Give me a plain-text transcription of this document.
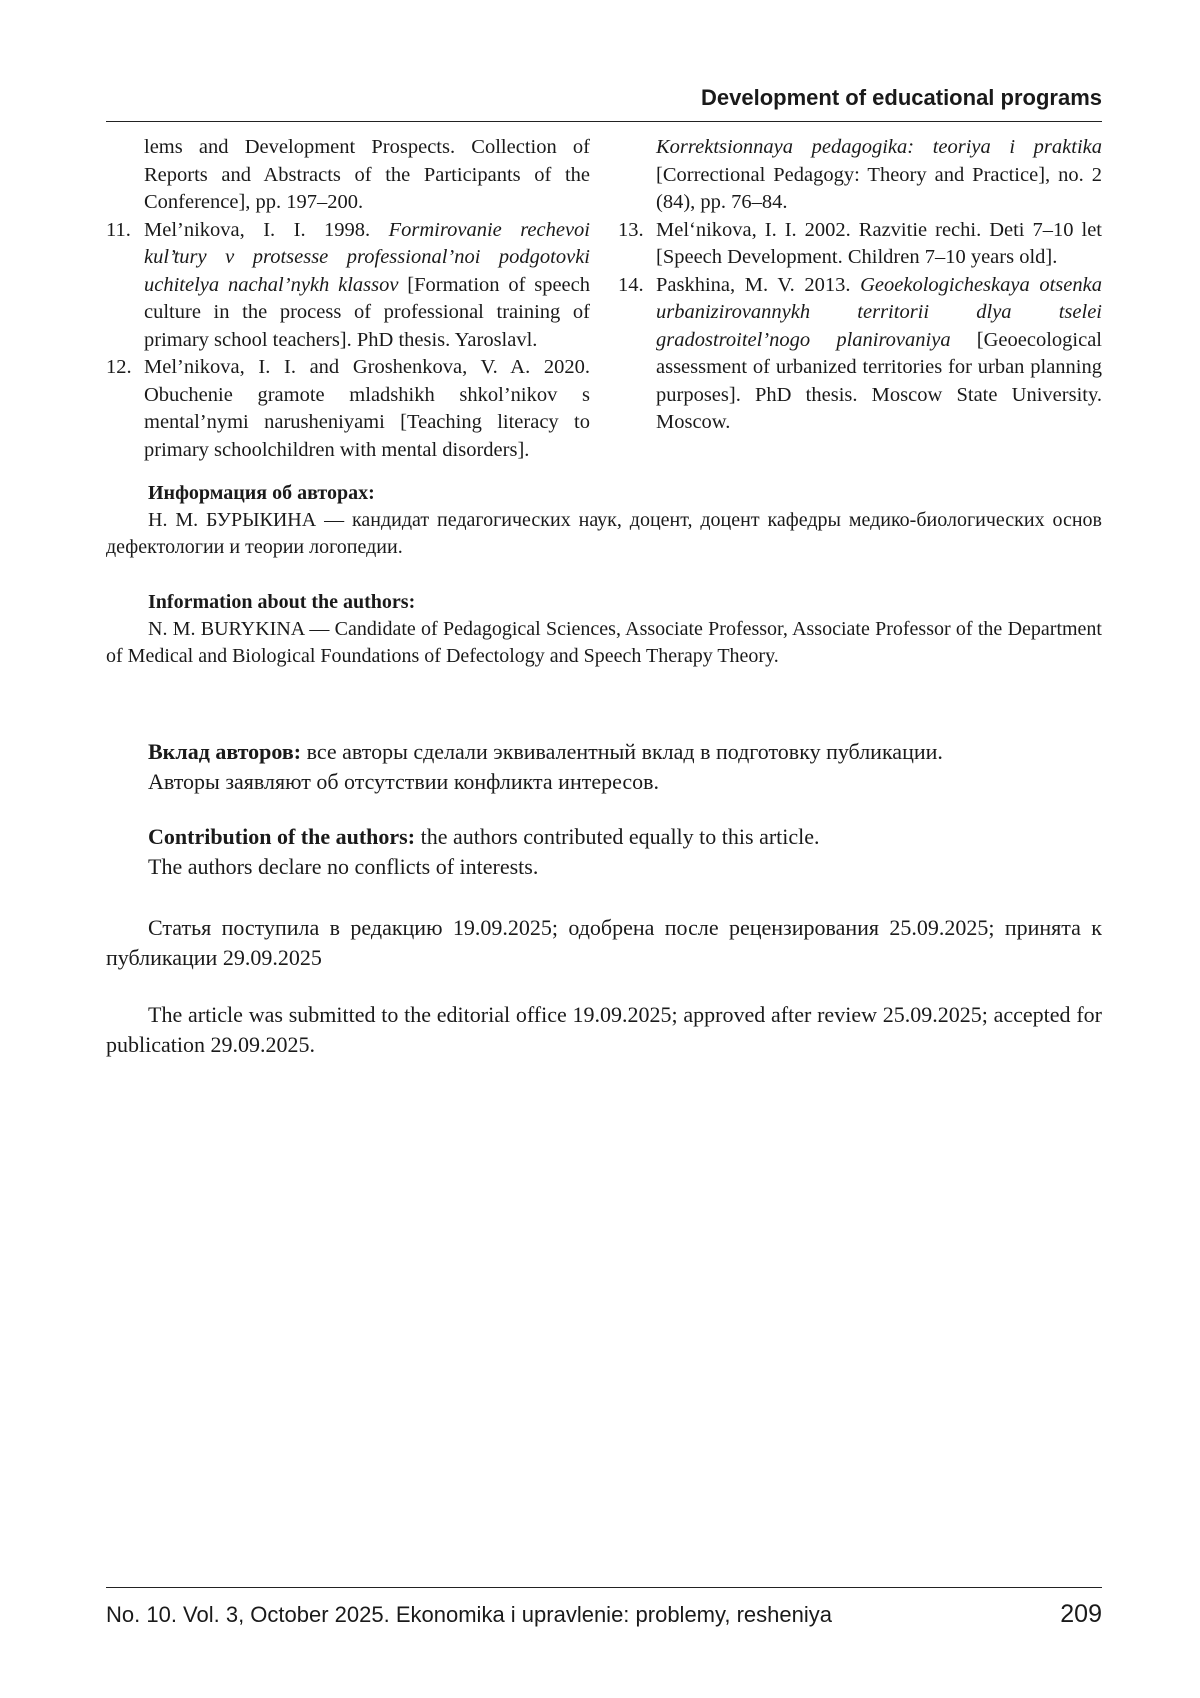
Development of educational programs
lems and Development Prospects. Collection of Reports and Abstracts of the Participants of the Conference], pp. 197–200.
11. Mel’nikova, I. I. 1998. Formirovanie rechevoi kul’tury v protsesse professional’noi podgotovki uchitelya nachal’nykh klassov [Formation of speech culture in the process of professional training of primary school teachers]. PhD thesis. Yaroslavl.
12. Mel’nikova, I. I. and Groshenkova, V. A. 2020. Obuchenie gramote mladshikh shkol’nikov s mental’nymi narusheniyami [Teaching literacy to primary schoolchildren with mental disorders].
Korrektsionnaya pedagogika: teoriya i praktika [Correctional Pedagogy: Theory and Practice], no. 2 (84), pp. 76–84.
13. Mel‘nikova, I. I. 2002. Razvitie rechi. Deti 7–10 let [Speech Development. Children 7–10 years old].
14. Paskhina, M. V. 2013. Geoekologicheskaya otsenka urbanizirovannykh territorii dlya tselei gradostroitel’nogo planirovaniya [Geoecological assessment of urbanized territories for urban planning purposes]. PhD thesis. Moscow State University. Moscow.
Информация об авторах:
Н. М. БУРЫКИНА — кандидат педагогических наук, доцент, доцент кафедры медико-биологических основ дефектологии и теории логопедии.
Information about the authors:
N. M. BURYKINA — Candidate of Pedagogical Sciences, Associate Professor, Associate Professor of the Department of Medical and Biological Foundations of Defectology and Speech Therapy Theory.
Вклад авторов: все авторы сделали эквивалентный вклад в подготовку публикации.
Авторы заявляют об отсутствии конфликта интересов.
Contribution of the authors: the authors contributed equally to this article.
The authors declare no conflicts of interests.
Статья поступила в редакцию 19.09.2025; одобрена после рецензирования 25.09.2025; принята к публикации 29.09.2025
The article was submitted to the editorial office 19.09.2025; approved after review 25.09.2025; accepted for publication 29.09.2025.
No. 10. Vol. 3, October 2025. Ekonomika i upravlenie: problemy, resheniya	209
